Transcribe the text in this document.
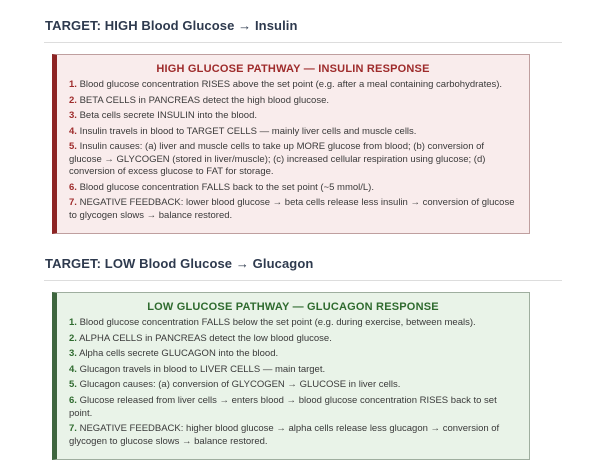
TARGET: HIGH Blood Glucose → Insulin
HIGH GLUCOSE PATHWAY — INSULIN RESPONSE
1. Blood glucose concentration RISES above the set point (e.g. after a meal containing carbohydrates).
2. BETA CELLS in PANCREAS detect the high blood glucose.
3. Beta cells secrete INSULIN into the blood.
4. Insulin travels in blood to TARGET CELLS — mainly liver cells and muscle cells.
5. Insulin causes: (a) liver and muscle cells to take up MORE glucose from blood; (b) conversion of glucose → GLYCOGEN (stored in liver/muscle); (c) increased cellular respiration using glucose; (d) conversion of excess glucose to FAT for storage.
6. Blood glucose concentration FALLS back to the set point (~5 mmol/L).
7. NEGATIVE FEEDBACK: lower blood glucose → beta cells release less insulin → conversion of glucose to glycogen slows → balance restored.
TARGET: LOW Blood Glucose → Glucagon
LOW GLUCOSE PATHWAY — GLUCAGON RESPONSE
1. Blood glucose concentration FALLS below the set point (e.g. during exercise, between meals).
2. ALPHA CELLS in PANCREAS detect the low blood glucose.
3. Alpha cells secrete GLUCAGON into the blood.
4. Glucagon travels in blood to LIVER CELLS — main target.
5. Glucagon causes: (a) conversion of GLYCOGEN → GLUCOSE in liver cells.
6. Glucose released from liver cells → enters blood → blood glucose concentration RISES back to set point.
7. NEGATIVE FEEDBACK: higher blood glucose → alpha cells release less glucagon → conversion of glycogen to glucose slows → balance restored.
